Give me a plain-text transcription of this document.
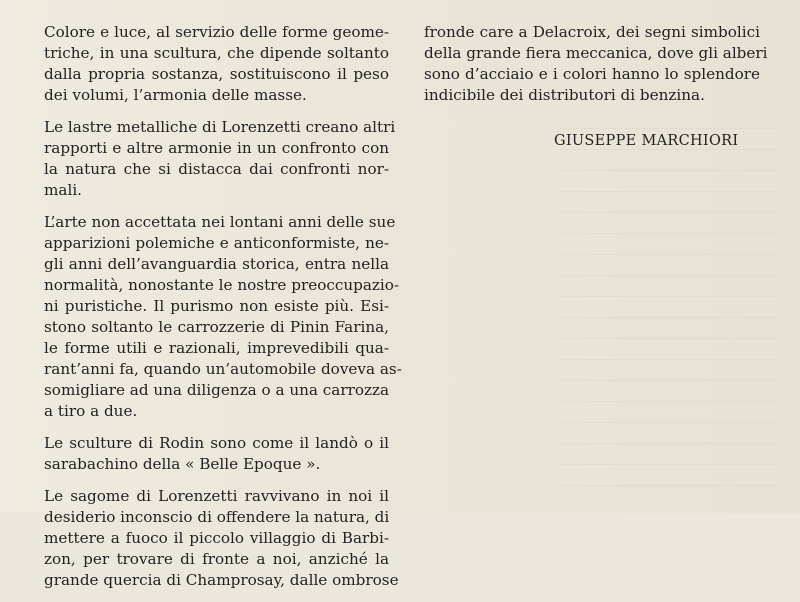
Colore e luce, al servizio delle forme geome-
triche, in una scultura, che dipende soltanto
dalla propria sostanza, sostituiscono il peso
dei volumi, l’armonia delle masse.

Le lastre metalliche di Lorenzetti creano altri
rapporti e altre armonie in un confronto con
la natura che si distacca dai confronti nor-
mali.

L’arte non accettata nei lontani anni delle sue
apparizioni polemiche e anticonformiste, ne-
gli anni dell’avanguardia storica, entra nella
normalità, nonostante le nostre preoccupazio-
ni puristiche. Il purismo non esiste più. Esi-
stono soltanto le carrozzerie di Pinin Farina,
le forme utili e razionali, imprevedibili qua-
rant’anni fa, quando un’automobile doveva as-
somigliare ad una diligenza o a una carrozza
a tiro a due.

Le sculture di Rodin sono come il landò o il
sarabachino della « Belle Epoque ».

Le sagome di Lorenzetti ravvivano in noi il
desiderio inconscio di offendere la natura, di
mettere a fuoco il piccolo villaggio di Barbi-
zon, per trovare di fronte a noi, anziché la
grande quercia di Champrosay, dalle ombrose

fronde care a Delacroix, dei segni simbolici
della grande fiera meccanica, dove gli alberi
sono d’acciaio e i colori hanno lo splendore
indicibile dei distributori di benzina.

GIUSEPPE MARCHIORI
